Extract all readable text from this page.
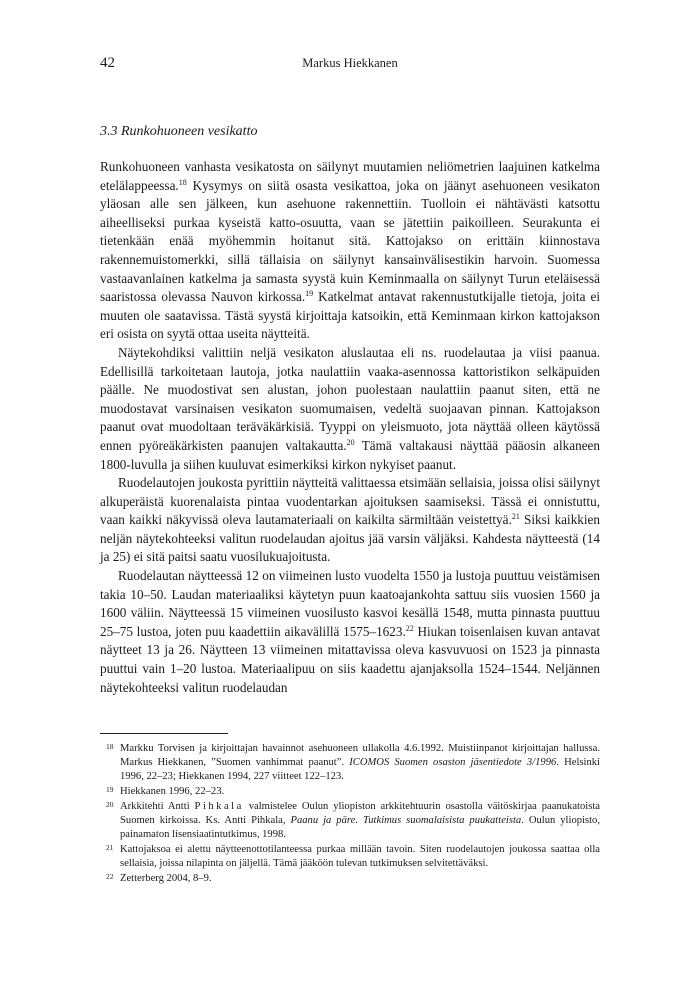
42	Markus Hiekkanen
3.3 Runkohuoneen vesikatto

Runkohuoneen vanhasta vesikatosta on säilynyt muutamien neliömetrien laajuinen katkelma etelälappeessa.$^{18}$ Kysymys on siitä osasta vesikattoa, joka on jäänyt asehuoneen vesikaton yläosan alle sen jälkeen, kun asehuone rakennettiin. Tuolloin ei nähtävästi katsottu aiheelliseksi purkaa kyseistä katto-osuutta, vaan se jätettiin paikoilleen. Seurakunta ei tietenkään enää myöhemmin hoitanut sitä. Kattojakso on erittäin kiinnostava rakennemuistomerkki, sillä tällaisia on säilynyt kansainvälisestikin harvoin. Suomessa vastaavanlainen katkelma ja samasta syystä kuin Keminmaalla on säilynyt Turun eteläisessä saaristossa olevassa Nauvon kirkossa.$^{19}$ Katkelmat antavat rakennustutkijalle tietoja, joita ei muuten ole saatavissa. Tästä syystä kirjoittaja katsoikin, että Keminmaan kirkon kattojakson eri osista on syytä ottaa useita näytteitä.

Näytekohdiksi valittiin neljä vesikaton aluslautaa eli ns. ruodelautaa ja viisi paanua. Edellisillä tarkoitetaan lautoja, jotka naulattiin vaaka-asennossa kattoristikon selkäpuiden päälle. Ne muodostivat sen alustan, johon puolestaan naulattiin paanut siten, että ne muodostavat varsinaisen vesikaton suomumaisen, vedeltä suojaavan pinnan. Kattojakson paanut ovat muodoltaan teräväkärkisiä. Tyyppi on yleismuoto, jota näyttää olleen käytössä ennen pyöreäkärkisten paanujen valtakautta.$^{20}$ Tämä valtakausi näyttää pääosin alkaneen 1800-luvulla ja siihen kuuluvat esimerkiksi kirkon nykyiset paanut.

Ruodelautojen joukosta pyrittiin näytteitä valittaessa etsimään sellaisia, joissa olisi säilynyt alkuperäistä kuorenalaista pintaa vuodentarkan ajoituksen saamiseksi. Tässä ei onnistuttu, vaan kaikki näkyvissä oleva lautamateriaali on kaikilta särmiltään veistettyä.$^{21}$ Siksi kaikkien neljän näytekohteeksi valitun ruodelaudan ajoitus jää varsin väljäksi. Kahdesta näytteestä (14 ja 25) ei sitä paitsi saatu vuosilukuajoitusta.

Ruodelautan näytteessä 12 on viimeinen lusto vuodelta 1550 ja lustoja puuttuu veistämisen takia 10–50. Laudan materiaaliksi käytetyn puun kaatoajankohta sattuu siis vuosien 1560 ja 1600 väliin. Näytteessä 15 viimeinen vuosilusto kasvoi kesällä 1548, mutta pinnasta puuttuu 25–75 lustoa, joten puu kaadettiin aikavälillä 1575–1623.22 Hiukan toisenlaisen kuvan antavat näytteet 13 ja 26. Näytteen 13 viimeinen mitattavissa oleva kasvuvuosi on 1523 ja pinnasta puuttui vain 1–20 lustoa. Materiaalipuu on siis kaadettu ajanjaksolla 1524–1544. Neljännen näytekohteeksi valitun ruodelaudan

18 Markku Torvisen ja kirjoittajan havainnot asehuoneen ullakolla 4.6.1992. Muistiinpanot kirjoittajan hallussa. Markus Hiekkanen, ”Suomen vanhimmat paanut”. ICOMOS Suomen osaston jäsentiedote 3/1996. Helsinki 1996, 22–23; Hiekkanen 1994, 227 viitteet 122–123.
19 Hiekkanen 1996, 22–23.
20 Arkkitehti Antti Pihkala valmistelee Oulun yliopiston arkkitehtuurin osastolla väitöskirjaa paanukatoista Suomen kirkoissa. Ks. Antti Pihkala, Paanu ja päre. Tutkimus suomalaisista puukatteista. Oulun yliopisto, painamaton lisensiaatintutkimus, 1998.
21 Kattojaksoa ei alettu näytteenottotilanteessa purkaa millään tavoin. Siten ruodelautojen joukossa saattaa olla sellaisia, joissa nilapinta on jäljellä. Tämä jääköön tulevan tutkimuksen selvitettäväksi.
22 Zetterberg 2004, 8–9.
